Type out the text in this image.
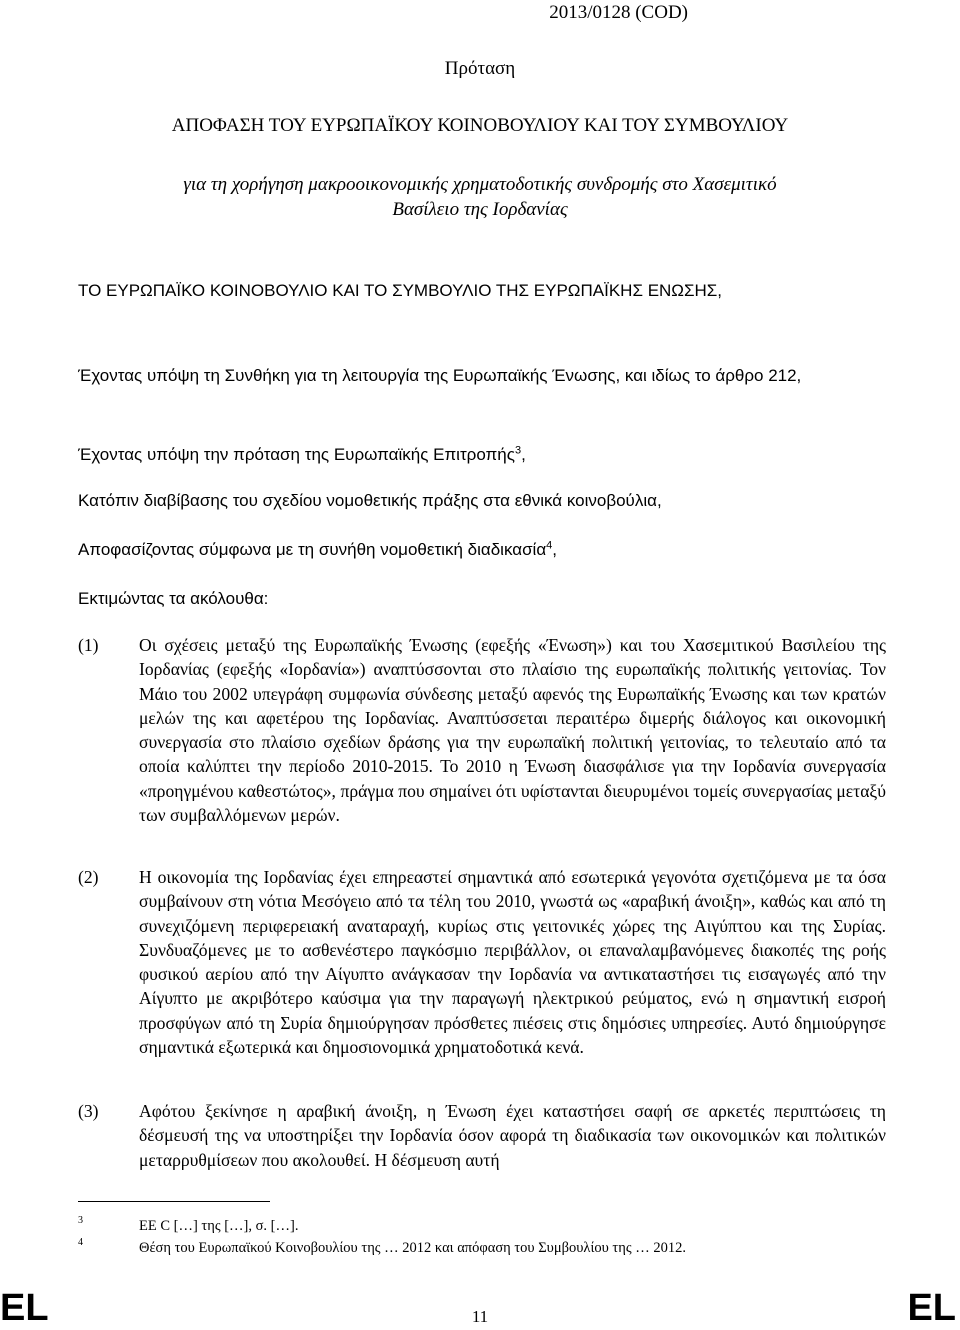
2013/0128 (COD)
Πρόταση
ΑΠΟΦΑΣΗ ΤΟΥ ΕΥΡΩΠΑΪΚΟΥ ΚΟΙΝΟΒΟΥΛΙΟΥ ΚΑΙ ΤΟΥ ΣΥΜΒΟΥΛΙΟΥ
για τη χορήγηση μακροοικονομικής χρηματοδοτικής συνδρομής στο Χασεμιτικό Βασίλειο της Ιορδανίας
ΤΟ ΕΥΡΩΠΑΪΚΟ ΚΟΙΝΟΒΟΥΛΙΟ ΚΑΙ ΤΟ ΣΥΜΒΟΥΛΙΟ ΤΗΣ ΕΥΡΩΠΑΪΚΗΣ ΕΝΩΣΗΣ,
Έχοντας υπόψη τη Συνθήκη για τη λειτουργία της Ευρωπαϊκής Ένωσης, και ιδίως το άρθρο 212,
Έχοντας υπόψη την πρόταση της Ευρωπαϊκής Επιτροπής$^3$,
Κατόπιν διαβίβασης του σχεδίου νομοθετικής πράξης στα εθνικά κοινοβούλια,
Αποφασίζοντας σύμφωνα με τη συνήθη νομοθετική διαδικασία$^4$,
Εκτιμώντας τα ακόλουθα:
(1) Οι σχέσεις μεταξύ της Ευρωπαϊκής Ένωσης (εφεξής «Ένωση») και του Χασεμιτικού Βασιλείου της Ιορδανίας (εφεξής «Ιορδανία») αναπτύσσονται στο πλαίσιο της ευρωπαϊκής πολιτικής γειτονίας. Τον Μάιο του 2002 υπεγράφη συμφωνία σύνδεσης μεταξύ αφενός της Ευρωπαϊκής Ένωσης και των κρατών μελών της και αφετέρου της Ιορδανίας. Αναπτύσσεται περαιτέρω διμερής διάλογος και οικονομική συνεργασία στο πλαίσιο σχεδίων δράσης για την ευρωπαϊκή πολιτική γειτονίας, το τελευταίο από τα οποία καλύπτει την περίοδο 2010-2015. Το 2010 η Ένωση διασφάλισε για την Ιορδανία συνεργασία «προηγμένου καθεστώτος», πράγμα που σημαίνει ότι υφίστανται διευρυμένοι τομείς συνεργασίας μεταξύ των συμβαλλόμενων μερών.
(2) Η οικονομία της Ιορδανίας έχει επηρεαστεί σημαντικά από εσωτερικά γεγονότα σχετιζόμενα με τα όσα συμβαίνουν στη νότια Μεσόγειο από τα τέλη του 2010, γνωστά ως «αραβική άνοιξη», καθώς και από τη συνεχιζόμενη περιφερειακή αναταραχή, κυρίως στις γειτονικές χώρες της Αιγύπτου και της Συρίας. Συνδυαζόμενες με το ασθενέστερο παγκόσμιο περιβάλλον, οι επαναλαμβανόμενες διακοπές της ροής φυσικού αερίου από την Αίγυπτο ανάγκασαν την Ιορδανία να αντικαταστήσει τις εισαγωγές από την Αίγυπτο με ακριβότερο καύσιμα για την παραγωγή ηλεκτρικού ρεύματος, ενώ η σημαντική εισροή προσφύγων από τη Συρία δημιούργησαν πρόσθετες πιέσεις στις δημόσιες υπηρεσίες. Αυτό δημιούργησε σημαντικά εξωτερικά και δημοσιονομικά χρηματοδοτικά κενά.
(3) Αφότου ξεκίνησε η αραβική άνοιξη, η Ένωση έχει καταστήσει σαφή σε αρκετές περιπτώσεις τη δέσμευσή της να υποστηρίξει την Ιορδανία όσον αφορά τη διαδικασία των οικονομικών και πολιτικών μεταρρυθμίσεων που ακολουθεί. Η δέσμευση αυτή
3	ΕΕ C […] της […], σ. […].
4	Θέση του Ευρωπαϊκού Κοινοβουλίου της … 2012 και απόφαση του Συμβουλίου της … 2012.
EL	11	EL
